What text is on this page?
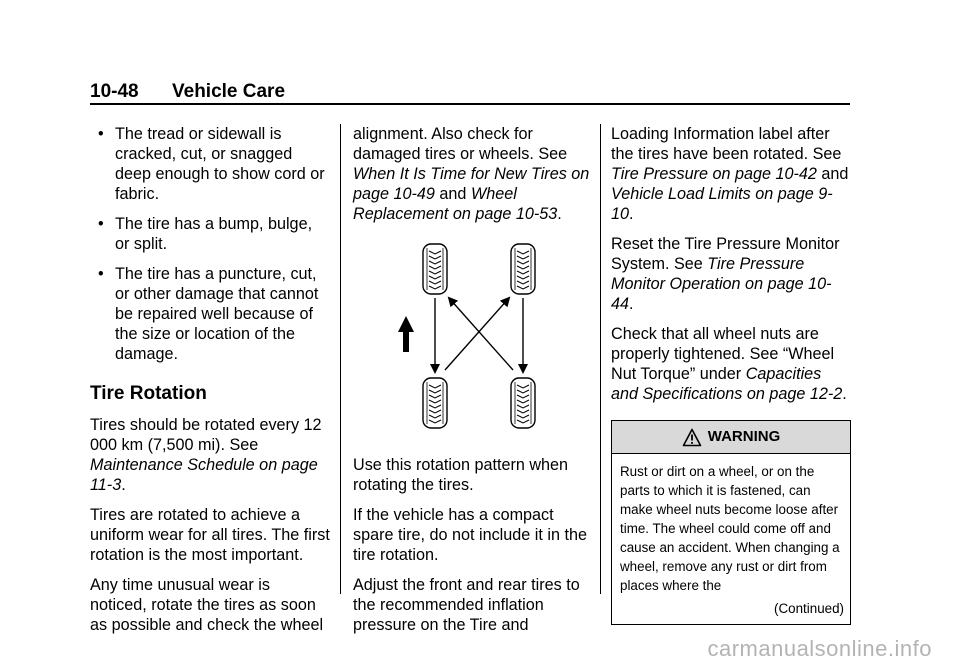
10-48 Vehicle Care
• The tread or sidewall is cracked, cut, or snagged deep enough to show cord or fabric.
• The tire has a bump, bulge, or split.
• The tire has a puncture, cut, or other damage that cannot be repaired well because of the size or location of the damage.
Tire Rotation

Tires should be rotated every 12 000 km (7,500 mi). See Maintenance Schedule on page 11-3.

Tires are rotated to achieve a uniform wear for all tires. The first rotation is the most important.

Any time unusual wear is noticed, rotate the tires as soon as possible and check the wheel

alignment. Also check for damaged tires or wheels. See When It Is Time for New Tires on page 10-49 and Wheel Replacement on page 10-53.

Use this rotation pattern when rotating the tires.

If the vehicle has a compact spare tire, do not include it in the tire rotation.

Adjust the front and rear tires to the recommended inflation pressure on the Tire and

Loading Information label after the tires have been rotated. See Tire Pressure on page 10-42 and Vehicle Load Limits on page 9-10.

Reset the Tire Pressure Monitor System. See Tire Pressure Monitor Operation on page 10-44.

Check that all wheel nuts are properly tightened. See “Wheel Nut Torque” under Capacities and Specifications on page 12-2.

WARNING
Rust or dirt on a wheel, or on the parts to which it is fastened, can make wheel nuts become loose after time. The wheel could come off and cause an accident. When changing a wheel, remove any rust or dirt from places where the
(Continued)
carmanualsonline.info
